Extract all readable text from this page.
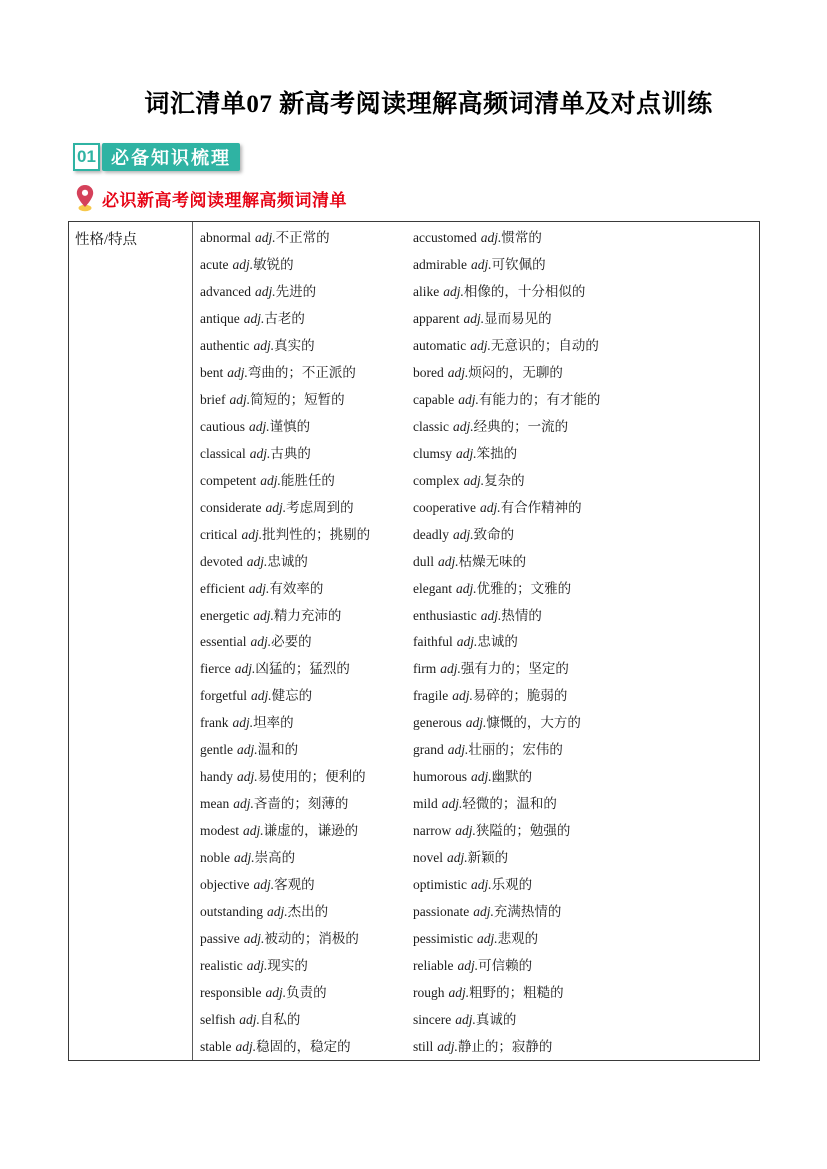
词汇清单07 新高考阅读理解高频词清单及对点训练
01 必备知识梳理
必识新高考阅读理解高频词清单
性格/特点	abnormal adj.不正常的	accustomed adj.惯常的
acute adj.敏锐的	admirable adj.可钦佩的
advanced adj.先进的	alike adj.相像的，十分相似的
antique adj.古老的	apparent adj.显而易见的
authentic adj.真实的	automatic adj.无意识的；自动的
bent adj.弯曲的；不正派的	bored adj.烦闷的，无聊的
brief adj.简短的；短暂的	capable adj.有能力的；有才能的
cautious adj.谨慎的	classic adj.经典的；一流的
classical adj.古典的	clumsy adj.笨拙的
competent adj.能胜任的	complex adj.复杂的
considerate adj.考虑周到的	cooperative adj.有合作精神的
critical adj.批判性的；挑剔的	deadly adj.致命的
devoted adj.忠诚的	dull adj.枯燥无味的
efficient adj.有效率的	elegant adj.优雅的；文雅的
energetic adj.精力充沛的	enthusiastic adj.热情的
essential adj.必要的	faithful adj.忠诚的
fierce adj.凶猛的；猛烈的	firm adj.强有力的；坚定的
forgetful adj.健忘的	fragile adj.易碎的；脆弱的
frank adj.坦率的	generous adj.慷慨的，大方的
gentle adj.温和的	grand adj.壮丽的；宏伟的
handy adj.易使用的；便利的	humorous adj.幽默的
mean adj.吝啬的；刻薄的	mild adj.轻微的；温和的
modest adj.谦虚的，谦逊的	narrow adj.狭隘的；勉强的
noble adj.崇高的	novel adj.新颖的
objective adj.客观的	optimistic adj.乐观的
outstanding adj.杰出的	passionate adj.充满热情的
passive adj.被动的；消极的	pessimistic adj.悲观的
realistic adj.现实的	reliable adj.可信赖的
responsible adj.负责的	rough adj.粗野的；粗糙的
selfish adj.自私的	sincere adj.真诚的
stable adj.稳固的，稳定的	still adj.静止的；寂静的
